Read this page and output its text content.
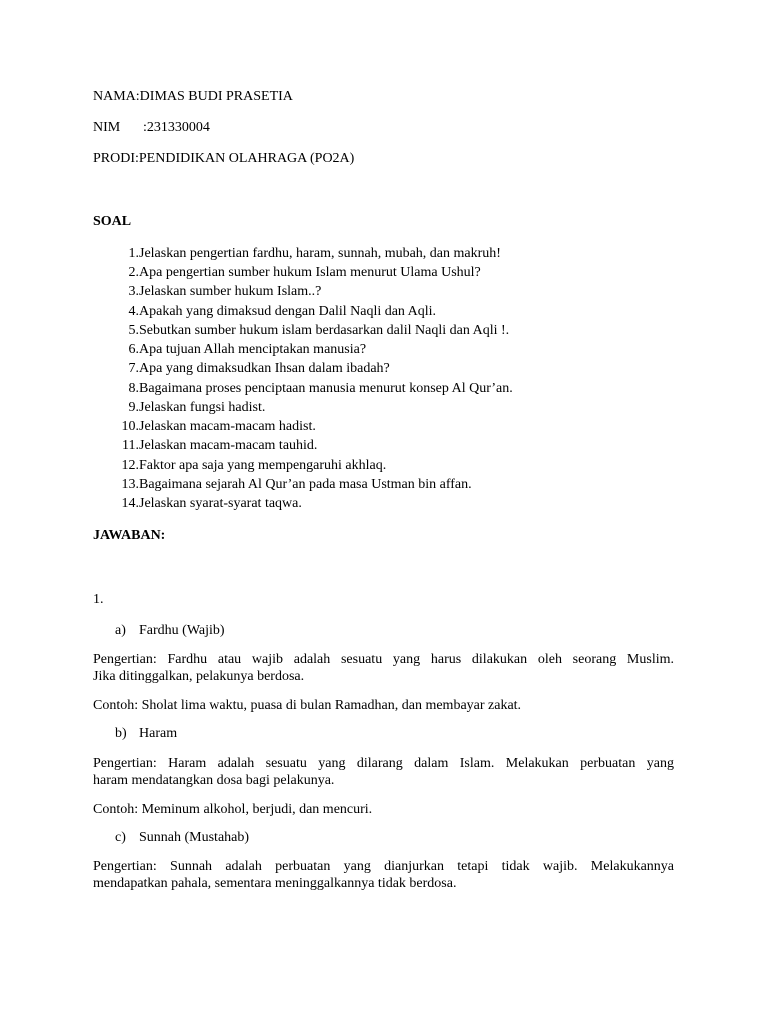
NAMA:DIMAS BUDI PRASETIA
NIM :231330004
PRODI:PENDIDIKAN OLAHRAGA (PO2A)
SOAL
1. Jelaskan pengertian fardhu, haram, sunnah, mubah, dan makruh!
2. Apa pengertian sumber hukum Islam menurut Ulama Ushul?
3. Jelaskan sumber hukum Islam..?
4. Apakah yang dimaksud dengan Dalil Naqli dan Aqli.
5. Sebutkan sumber hukum islam berdasarkan dalil Naqli dan Aqli !.
6. Apa tujuan Allah menciptakan manusia?
7. Apa yang dimaksudkan Ihsan dalam ibadah?
8. Bagaimana proses penciptaan manusia menurut konsep Al Qur’an.
9. Jelaskan fungsi hadist.
10. Jelaskan macam-macam hadist.
11. Jelaskan macam-macam tauhid.
12. Faktor apa saja yang mempengaruhi akhlaq.
13. Bagaimana sejarah Al Qur’an pada masa Ustman bin affan.
14. Jelaskan syarat-syarat taqwa.
JAWABAN:
1.
a) Fardhu (Wajib)
Pengertian: Fardhu atau wajib adalah sesuatu yang harus dilakukan oleh seorang Muslim.
Jika ditinggalkan, pelakunya berdosa.
Contoh: Sholat lima waktu, puasa di bulan Ramadhan, dan membayar zakat.
b) Haram
Pengertian: Haram adalah sesuatu yang dilarang dalam Islam. Melakukan perbuatan yang
haram mendatangkan dosa bagi pelakunya.
Contoh: Meminum alkohol, berjudi, dan mencuri.
c) Sunnah (Mustahab)
Pengertian: Sunnah adalah perbuatan yang dianjurkan tetapi tidak wajib. Melakukannya
mendapatkan pahala, sementara meninggalkannya tidak berdosa.
